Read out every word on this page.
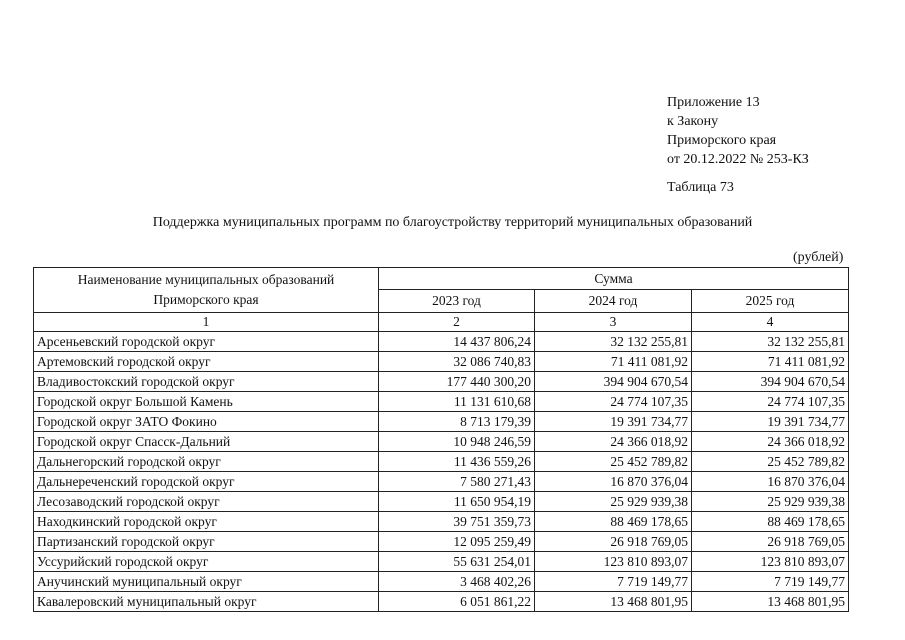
Приложение 13
к Закону
Приморского края
от 20.12.2022 № 253-КЗ
Таблица 73
Поддержка муниципальных программ по благоустройству территорий муниципальных образований
(рублей)
Наименование муниципальных образований
Приморского края	Сумма		
	2023 год	2024 год	2025 год
1	2	3	4
Арсеньевский городской округ	14 437 806,24	32 132 255,81	32 132 255,81
Артемовский городской округ	32 086 740,83	71 411 081,92	71 411 081,92
Владивостокский городской округ	177 440 300,20	394 904 670,54	394 904 670,54
Городской округ Большой Камень	11 131 610,68	24 774 107,35	24 774 107,35
Городской округ ЗАТО Фокино	8 713 179,39	19 391 734,77	19 391 734,77
Городской округ Спасск-Дальний	10 948 246,59	24 366 018,92	24 366 018,92
Дальнегорский городской округ	11 436 559,26	25 452 789,82	25 452 789,82
Дальнереченский городской округ	7 580 271,43	16 870 376,04	16 870 376,04
Лесозаводский городской округ	11 650 954,19	25 929 939,38	25 929 939,38
Находкинский городской округ	39 751 359,73	88 469 178,65	88 469 178,65
Партизанский городской округ	12 095 259,49	26 918 769,05	26 918 769,05
Уссурийский городской округ	55 631 254,01	123 810 893,07	123 810 893,07
Анучинский муниципальный округ	3 468 402,26	7 719 149,77	7 719 149,77
Кавалеровский муниципальный округ	6 051 861,22	13 468 801,95	13 468 801,95
